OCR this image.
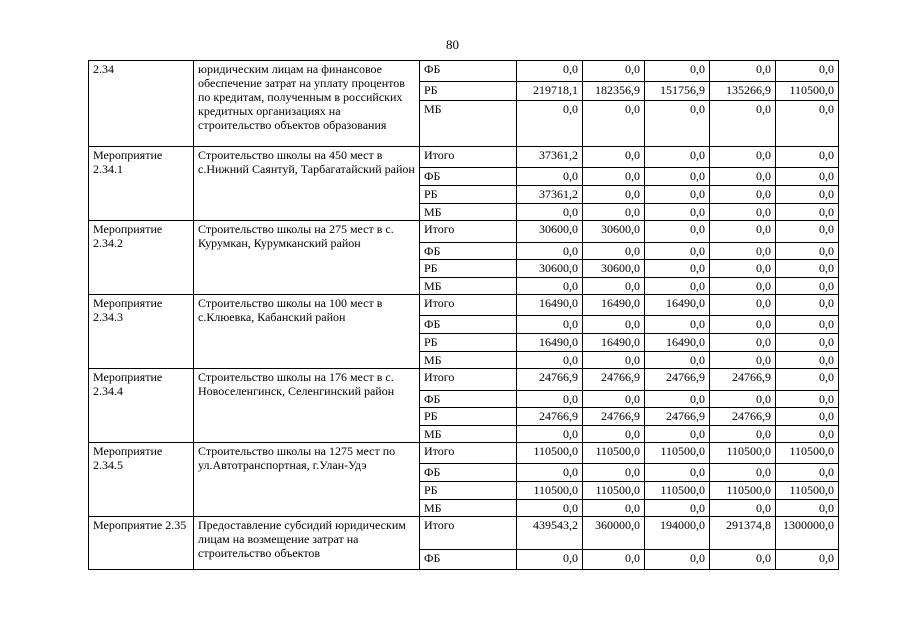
80
2.34	юридическим лицам на финансовое обеспечение затрат на уплату процентов по кредитам, полученным в российских кредитных организациях на строительство объектов образования	ФБ	0,0	0,0	0,0	0,0	0,0
		РБ	219718,1	182356,9	151756,9	135266,9	110500,0
		МБ	0,0	0,0	0,0	0,0	0,0
Мероприятие 2.34.1	Строительство школы на 450 мест в с.Нижний Саянтуй, Тарбагатайский район	Итого	37361,2	0,0	0,0	0,0	0,0
		ФБ	0,0	0,0	0,0	0,0	0,0
		РБ	37361,2	0,0	0,0	0,0	0,0
		МБ	0,0	0,0	0,0	0,0	0,0
Мероприятие 2.34.2	Строительство школы на 275 мест в с. Курумкан, Курумканский район	Итого	30600,0	30600,0	0,0	0,0	0,0
		ФБ	0,0	0,0	0,0	0,0	0,0
		РБ	30600,0	30600,0	0,0	0,0	0,0
		МБ	0,0	0,0	0,0	0,0	0,0
Мероприятие 2.34.3	Строительство школы на 100 мест в с.Клюевка, Кабанский район	Итого	16490,0	16490,0	16490,0	0,0	0,0
		ФБ	0,0	0,0	0,0	0,0	0,0
		РБ	16490,0	16490,0	16490,0	0,0	0,0
		МБ	0,0	0,0	0,0	0,0	0,0
Мероприятие 2.34.4	Строительство школы на 176 мест в с. Новоселенгинск, Селенгинский район	Итого	24766,9	24766,9	24766,9	24766,9	0,0
		ФБ	0,0	0,0	0,0	0,0	0,0
		РБ	24766,9	24766,9	24766,9	24766,9	0,0
		МБ	0,0	0,0	0,0	0,0	0,0
Мероприятие 2.34.5	Строительство школы на 1275 мест по ул.Автотранспортная, г.Улан-Удэ	Итого	110500,0	110500,0	110500,0	110500,0	110500,0
		ФБ	0,0	0,0	0,0	0,0	0,0
		РБ	110500,0	110500,0	110500,0	110500,0	110500,0
		МБ	0,0	0,0	0,0	0,0	0,0
Мероприятие 2.35	Предоставление субсидий юридическим лицам на возмещение затрат на строительство объектов	Итого	439543,2	360000,0	194000,0	291374,8	1300000,0
		ФБ	0,0	0,0	0,0	0,0	0,0
